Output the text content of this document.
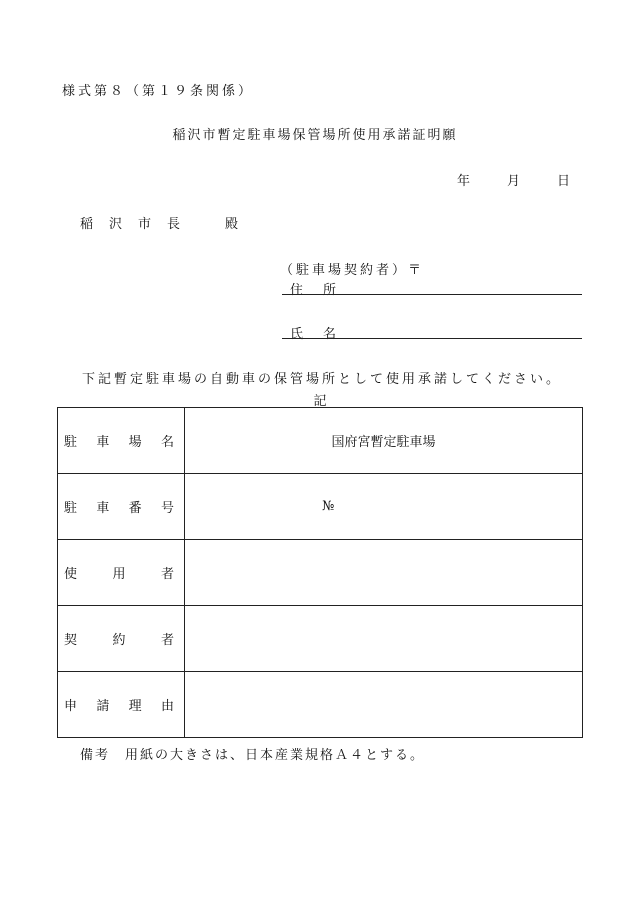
様式第８（第１９条関係）
稲沢市暫定駐車場保管場所使用承諾証明願
年	月	日
稲沢市長　殿
（駐車場契約者）〒
住所
氏名
下記暫定駐車場の自動車の保管場所として使用承諾してください。
記
駐車場名	国府宮暫定駐車場
駐車番号	№
使用者	
契約者	
申請理由	
備考　用紙の大きさは、日本産業規格Ａ４とする。
